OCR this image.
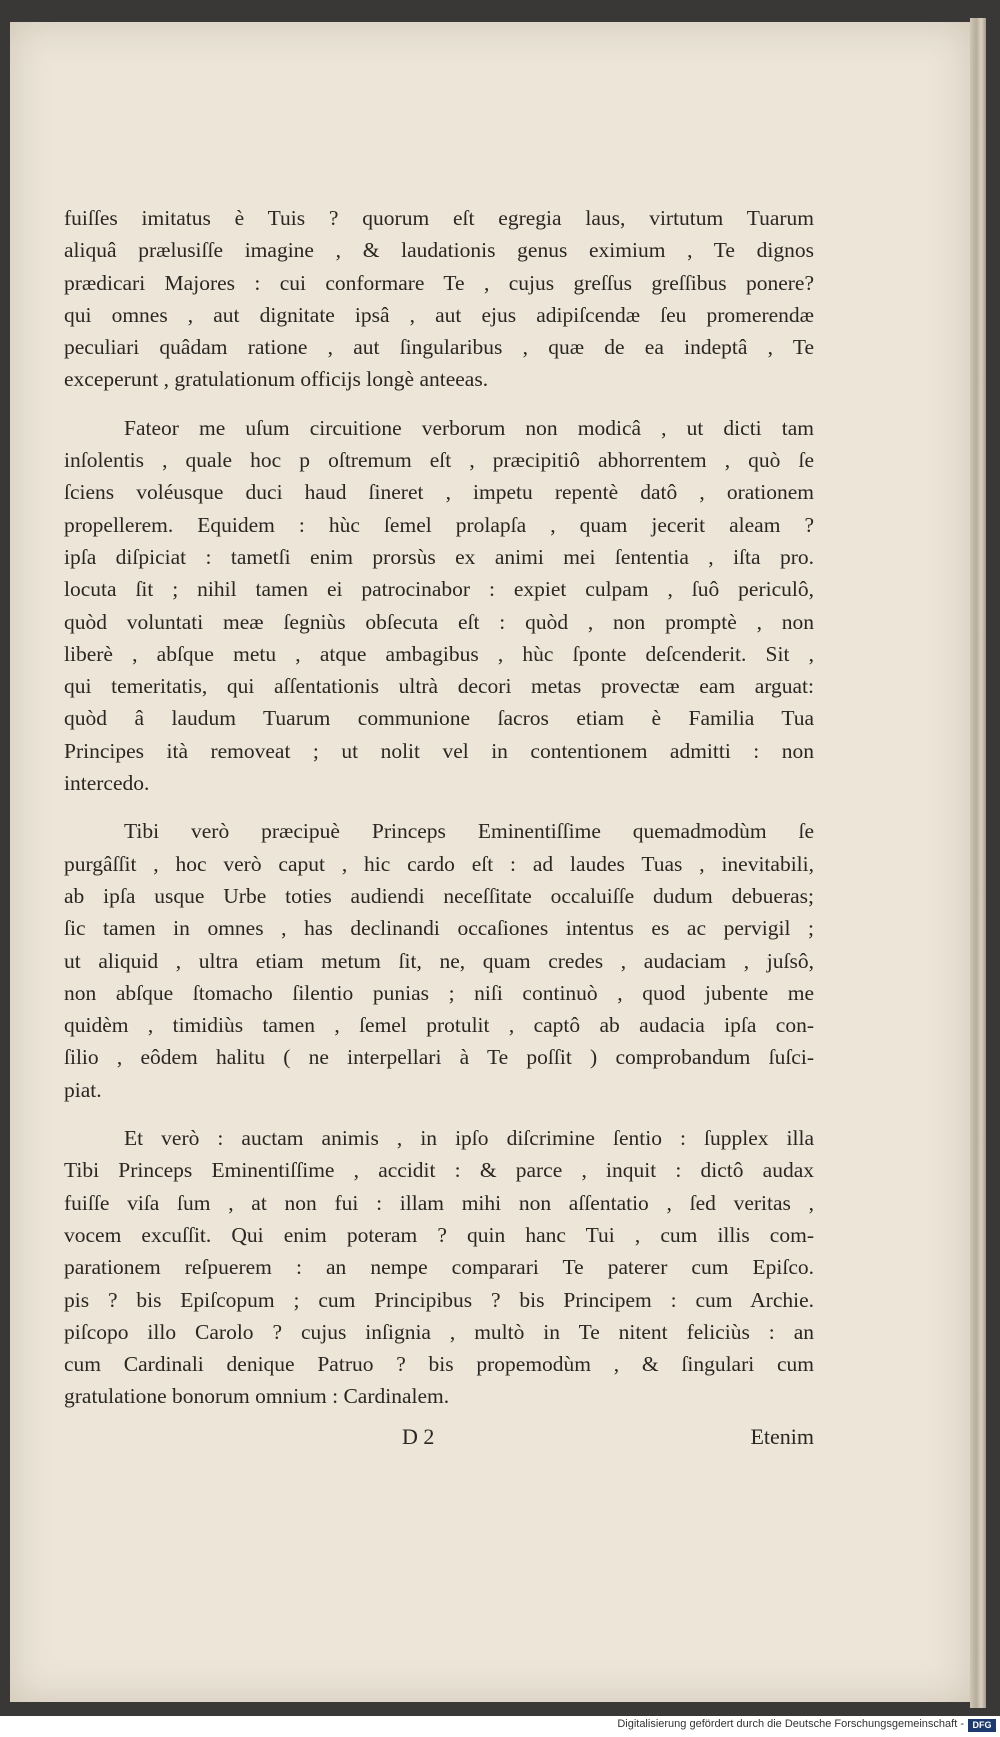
fuiſſes imitatus è Tuis ? quorum eſt egregia laus, virtutum Tuarum
aliquâ prælusiſſe imagine , & laudationis genus eximium , Te dignos
prædicari Majores : cui conformare Te , cujus greſſus greſſibus ponere?
qui omnes , aut dignitate ipsâ , aut ejus adipiſcendæ ſeu promerendæ
peculiari quâdam ratione , aut ſingularibus , quæ de ea indeptâ , Te
exceperunt , gratulationum officijs longè anteeas.
Fateor me uſum circuitione verborum non modicâ , ut dicti tam
inſolentis , quale hoc p oſtremum eſt , præcipitiô abhorrentem , quò ſe
ſciens voléusque duci haud ſineret , impetu repentè datô , orationem
propellerem. Equidem : hùc ſemel prolapſa , quam jecerit aleam ?
ipſa diſpiciat : tametſi enim prorsùs ex animi mei ſententia , iſta pro.
locuta ſit ; nihil tamen ei patrocinabor : expiet culpam , ſuô periculô,
quòd voluntati meæ ſegniùs obſecuta eſt : quòd , non promptè , non
liberè , abſque metu , atque ambagibus , hùc ſponte deſcenderit. Sit ,
qui temeritatis, qui aſſentationis ultrà decori metas provectæ eam arguat:
quòd â laudum Tuarum communione ſacros etiam è Familia Tua
Principes ità removeat ; ut nolit vel in contentionem admitti : non
intercedo.
Tibi verò præcipuè Princeps Eminentiſſime quemadmodùm ſe
purgâſſit , hoc verò caput , hic cardo eſt : ad laudes Tuas , inevitabili,
ab ipſa usque Urbe toties audiendi neceſſitate occaluiſſe dudum debueras;
ſic tamen in omnes , has declinandi occaſiones intentus es ac pervigil ;
ut aliquid , ultra etiam metum ſit, ne, quam credes , audaciam , juſsô,
non abſque ſtomacho ſilentio punias ; niſi continuò , quod jubente me
quidèm , timidiùs tamen , ſemel protulit , captô ab audacia ipſa con-
ſilio , eôdem halitu ( ne interpellari à Te poſſit ) comprobandum ſuſci-
piat.
Et verò : auctam animis , in ipſo diſcrimine ſentio : ſupplex illa
Tibi Princeps Eminentiſſime , accidit : & parce , inquit : dictô audax
fuiſſe viſa ſum , at non fui : illam mihi non aſſentatio , ſed veritas ,
vocem excuſſit. Qui enim poteram ? quin hanc Tui , cum illis com-
parationem reſpuerem : an nempe comparari Te paterer cum Epiſco.
pis ? bis Epiſcopum ; cum Principibus ? bis Principem : cum Archie.
piſcopo illo Carolo ? cujus inſignia , multò in Te nitent feliciùs : an
cum Cardinali denique Patruo ? bis propemodùm , & ſingulari cum
gratulatione bonorum omnium : Cardinalem.
D 2	Etenim
Digitalisierung gefördert durch die Deutsche Forschungsgemeinschaft - DFG
